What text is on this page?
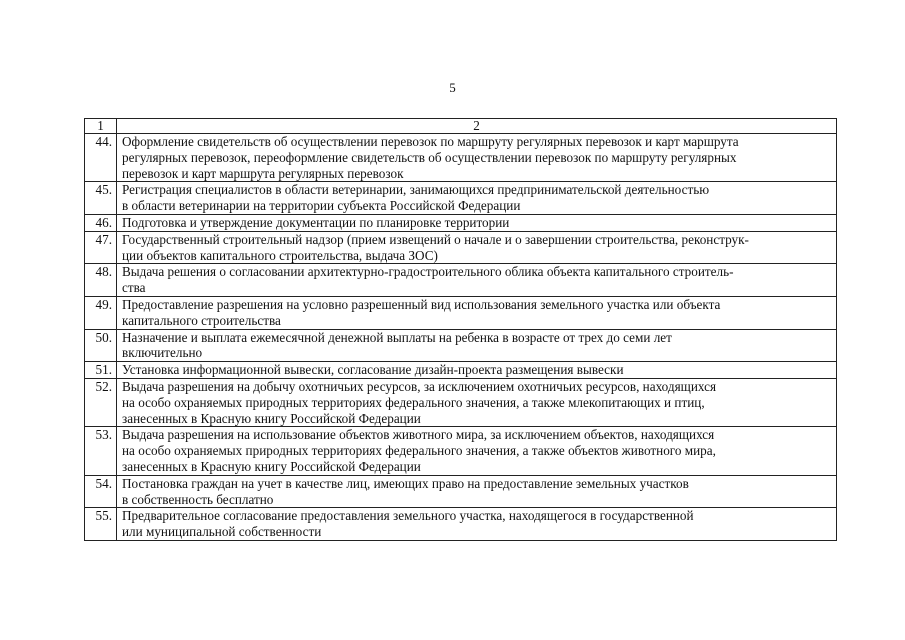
5
1	2
44.	Оформление свидетельств об осуществлении перевозок по маршруту регулярных перевозок и карт маршрута
регулярных перевозок, переоформление свидетельств об осуществлении перевозок по маршруту регулярных
перевозок и карт маршрута регулярных перевозок

45.	Регистрация специалистов в области ветеринарии, занимающихся предпринимательской деятельностью
в области ветеринарии на территории субъекта Российской Федерации

46.	Подготовка и утверждение документации по планировке территории

47.	Государственный строительный надзор (прием извещений о начале и о завершении строительства, реконструк-
ции объектов капитального строительства, выдача ЗОС)

48.	Выдача решения о согласовании архитектурно-градостроительного облика объекта капитального строитель-
ства

49.	Предоставление разрешения на условно разрешенный вид использования земельного участка или объекта
капитального строительства

50.	Назначение и выплата ежемесячной денежной выплаты на ребенка в возрасте от трех до семи лет
включительно

51.	Установка информационной вывески, согласование дизайн-проекта размещения вывески

52.	Выдача разрешения на добычу охотничьих ресурсов, за исключением охотничьих ресурсов, находящихся
на особо охраняемых природных территориях федерального значения, а также млекопитающих и птиц,
занесенных в Красную книгу Российской Федерации

53.	Выдача разрешения на использование объектов животного мира, за исключением объектов, находящихся
на особо охраняемых природных территориях федерального значения, а также объектов животного мира,
занесенных в Красную книгу Российской Федерации

54.	Постановка граждан на учет в качестве лиц, имеющих право на предоставление земельных участков
в собственность бесплатно

55.	Предварительное согласование предоставления земельного участка, находящегося в государственной
или муниципальной собственности
